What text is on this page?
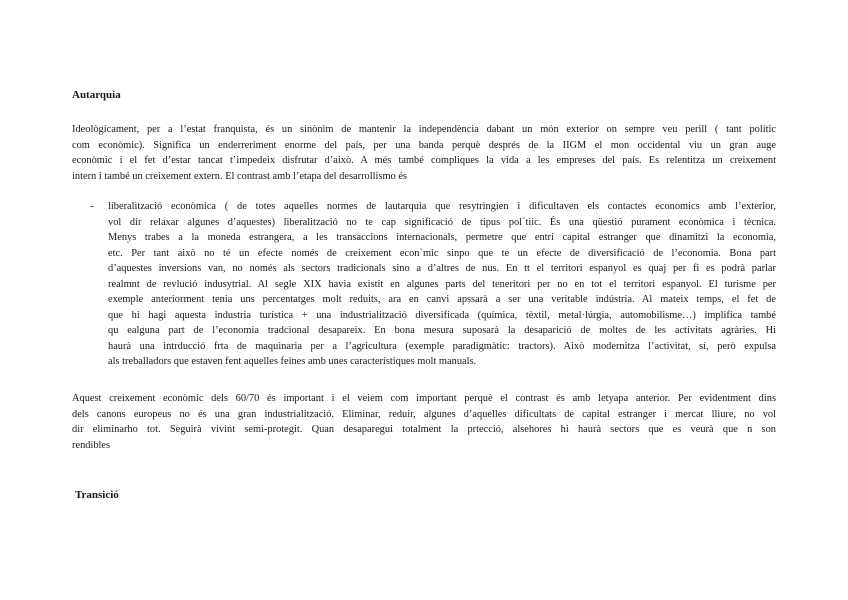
Autarquia
Ideològicament, per a l’estat franquista, és un sinònim de mantenir la independència dabant un món exterior on sempre veu perill ( tant polític
com econòmic). Significa un enderreriment enorme del país, per una banda perquè després de la IIGM el mon occidental viu un gran auge
econòmic i el fet d’estar tancat t’impedeix disfrutar d’això. A més també compliques la vida a les empreses del país. Es relentitza un creixement
intern i també un creixement extern. El contrast amb l’etapa del desarrollismo és
- liberalització econòmica ( de totes aquelles normes de lautarquia que resytringien i dificultaven els contactes economics amb l’exterior,
vol dir relaxar algunes d’aquestes) liberalització no te cap significació de tipus pol´tiic. És una qüestió purament econòmica i tècnica.
Menys trabes a la moneda estrangera, a les transaccions internacionals, permetre que entri capital estranger que dinamitzi la economia,
etc. Per tant això no té un efecte només de creixement econ`mic sinpo que te un efecte de diversificació de l’economia. Bona part
d’aquestes inversions van, no només als sectors tradicionals sino a d’altres de nus. En tt el territori espanyol es quaj per fi es podrà parlar
realmnt de revlució indusytrial. Al segle XIX havia existit en algunes parts del teneritori per no en tot el territori espanyol. El turisme per
exemple anteriorment tenia uns percentatges molt reduits, ara en canvi apssarà a ser una veritable indústria. Al mateix temps, el fet de
que hi hagi aquesta industria turística + una industrialització diversificada (química, tèxtil, metal·lúrgia, automobilisme…) implifica també
qu ealguna part de l’economia tradcional desapareix. En bona mesura suposarà la desaparició de moltes de les activitats agràries. Hi
haurà una intrducció frta de maquinaria per a l’agricultura (exemple paradigmàtic: tractors). Això modernitza l’activitat, sí, però expulsa
als treballadors que estaven fent aquelles feines amb unes característiques molt manuals.
Aquest creixement econòmic dels 60/70 és important i el veiem com important perquè el contrast és amb letyapa anterior. Per evidentment dins
dels canons europeus no és una gran industrialització. Eliminar, reduir, algunes d’aquelles dificultats de capital estranger i mercat lliure, no vol
dir eliminarho tot. Seguirà vivint semi-protegit. Quan desaparegui totalment la prtecció, alsehores hi haurà sectors que es veurà que n son
rendibles
Transició
